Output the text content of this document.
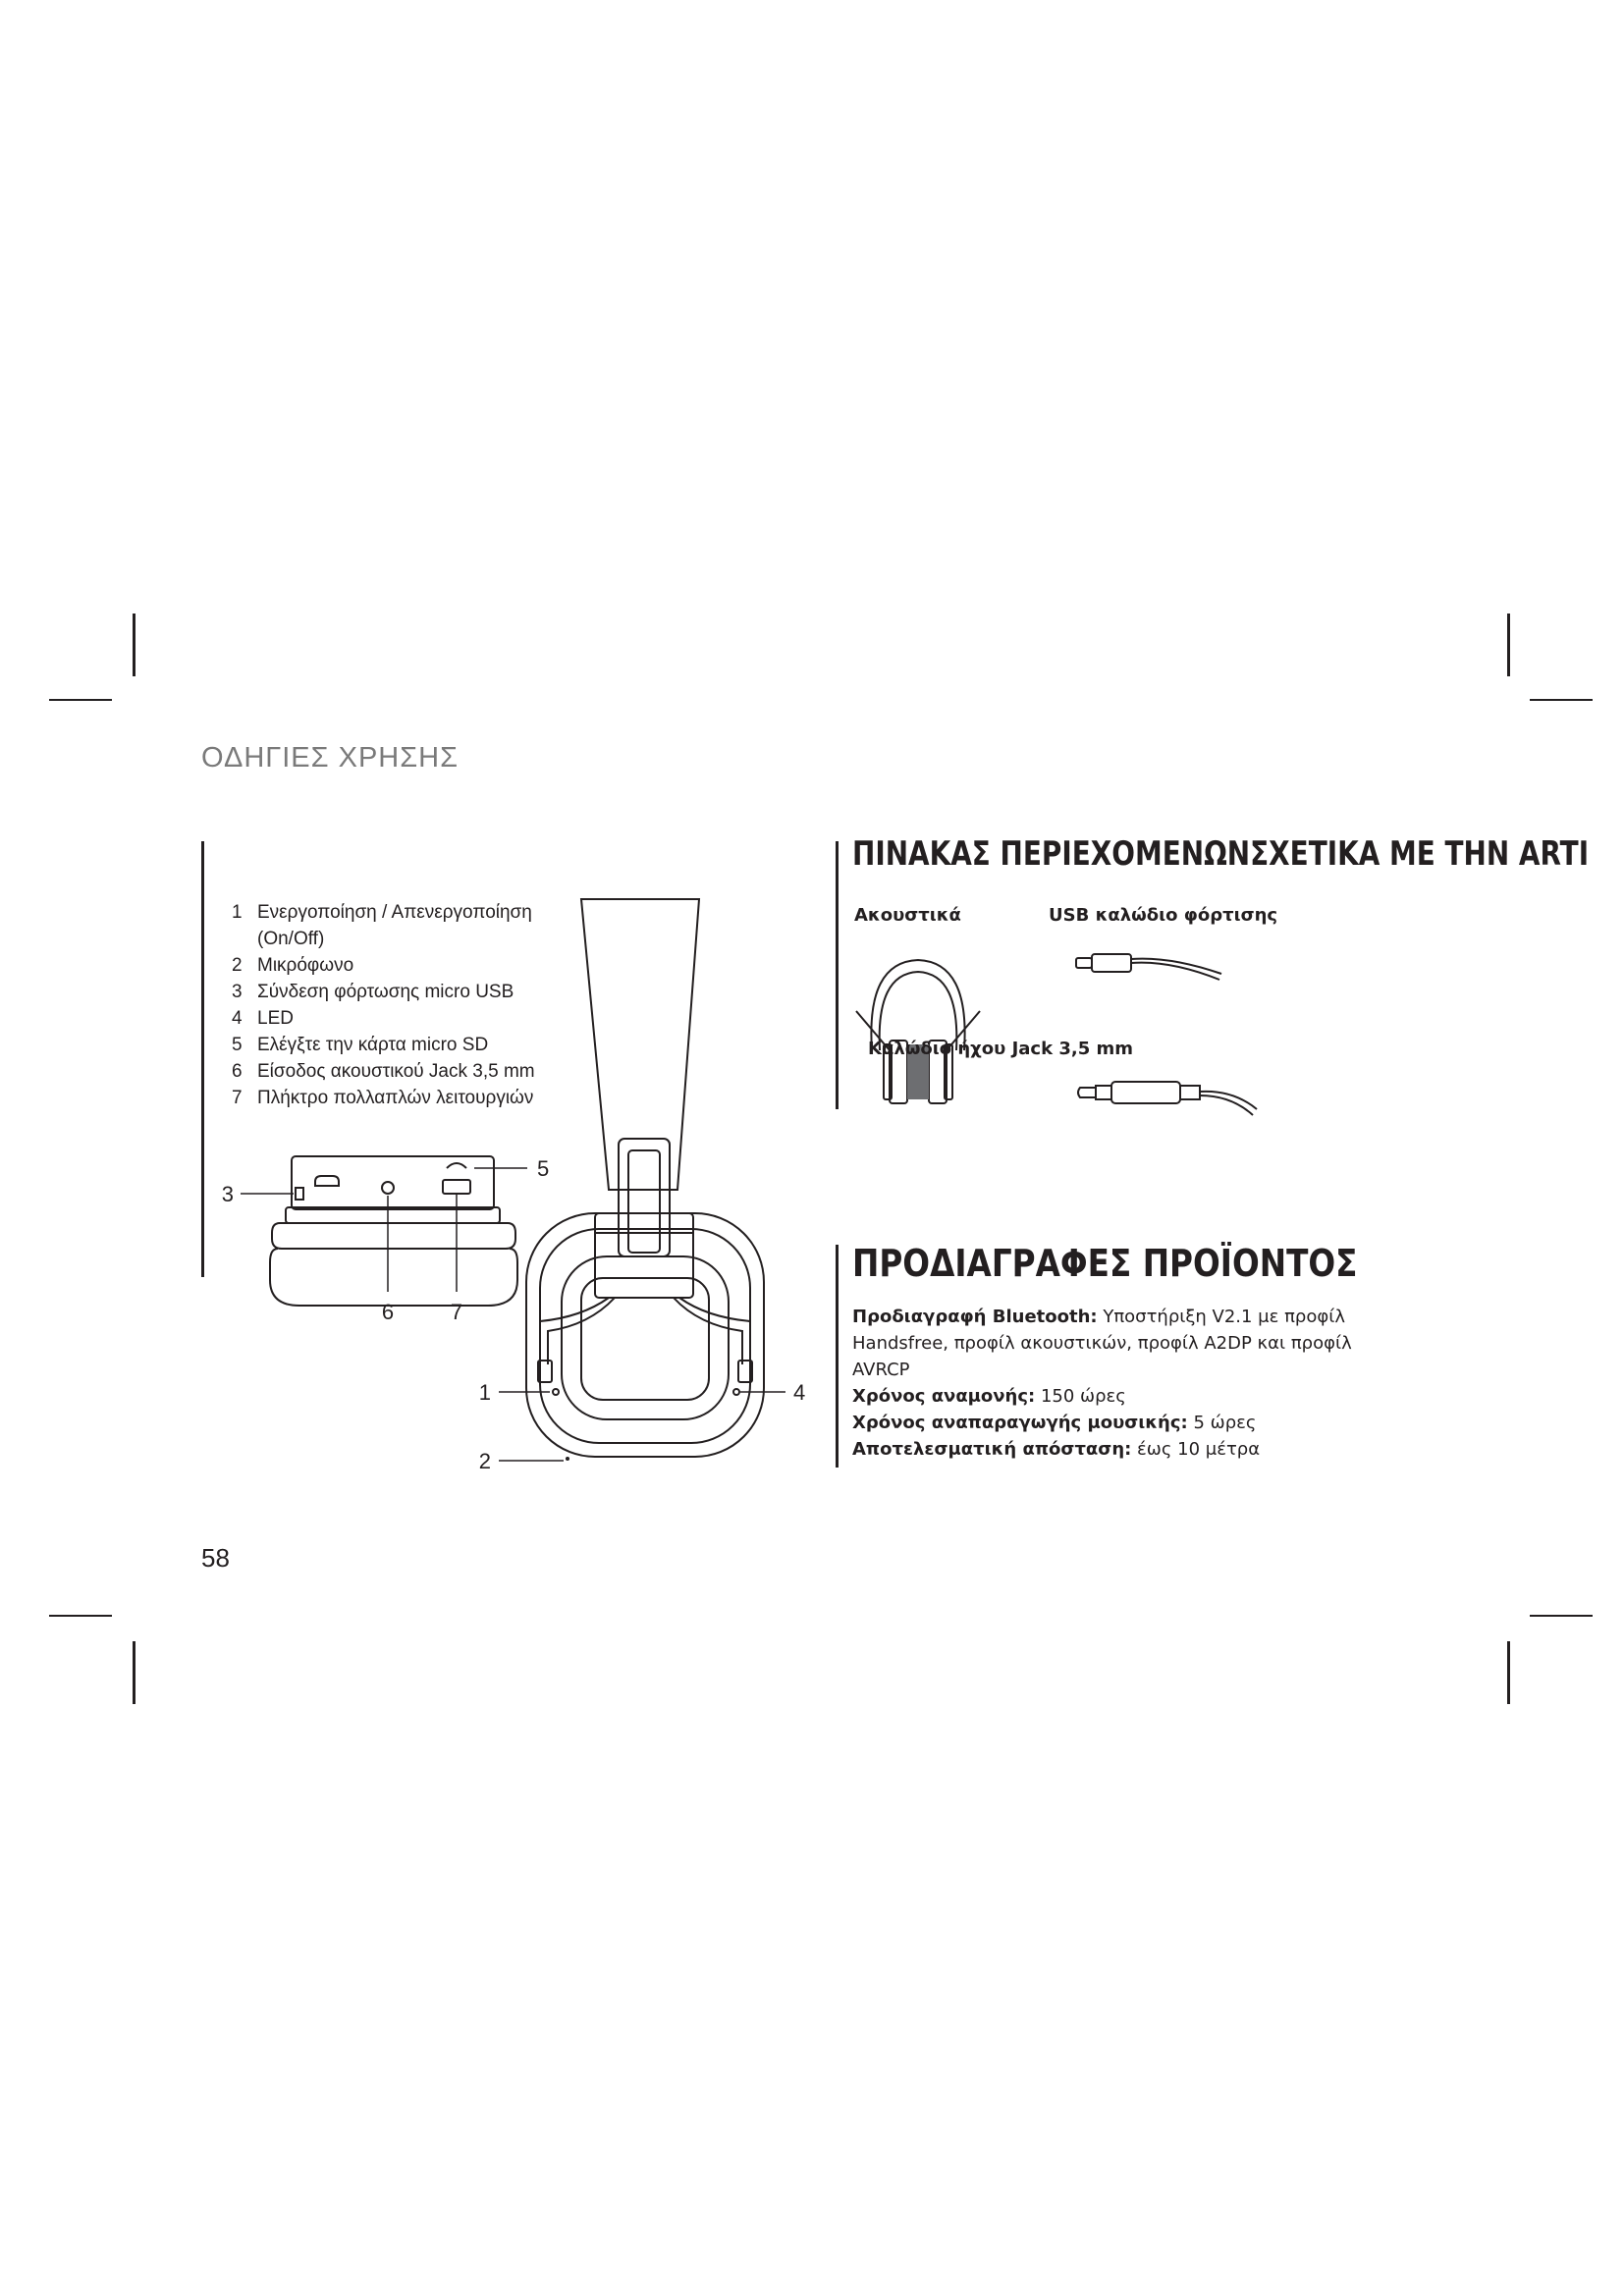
ΟΔΗΓΙΕΣ ΧΡΗΣΗΣ
1 Ενεργοποίηση / Απενεργοποίηση (On/Off)
2 Μικρόφωνο
3 Σύνδεση φόρτωσης micro USB
4 LED
5 Ελέγξτε την κάρτα micro SD
6 Είσοδος ακουστικού Jack 3,5 mm
7 Πλήκτρο πολλαπλών λειτουργιών
3
5
6	7
1	4
2
ΠΙΝΑΚΑΣ ΠΕΡΙΕΧΟΜΕΝΩΝΣΧΕΤΙΚΑ ΜΕ ΤΗΝ ARTI
Ακουστικά	USB καλώδιο φόρτισης
Καλώδιο ήχου Jack 3,5 mm
ΠΡΟΔΙΑΓΡΑΦΕΣ ΠΡΟΪΟΝΤΟΣ

Προδιαγραφή Bluetooth: Υποστήριξη V2.1 με προφίλ Handsfree, προφίλ ακουστικών, προφίλ A2DP και προφίλ AVRCP

Χρόνος αναμονής: 150 ώρες

Χρόνος αναπαραγωγής μουσικής: 5 ώρες

Αποτελεσματική απόσταση: έως 10 μέτρα

58
